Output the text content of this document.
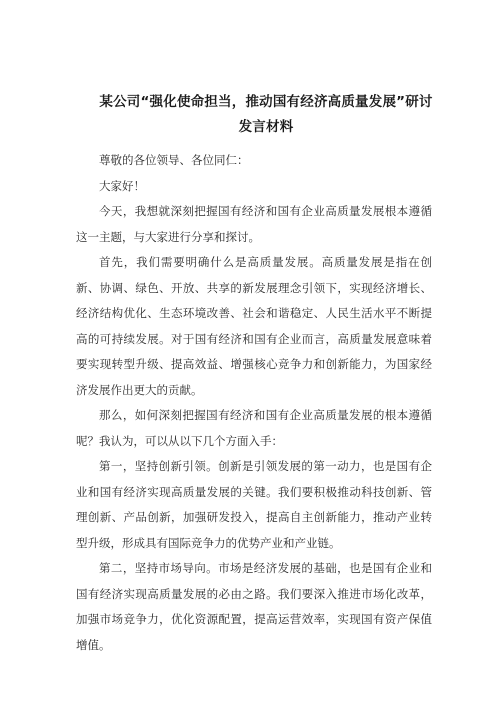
某公司“强化使命担当，推动国有经济高质量发展”研讨发言材料

尊敬的各位领导、各位同仁：

大家好！

今天，我想就深刻把握国有经济和国有企业高质量发展根本遵循这一主题，与大家进行分享和探讨。

首先，我们需要明确什么是高质量发展。高质量发展是指在创新、协调、绿色、开放、共享的新发展理念引领下，实现经济增长、经济结构优化、生态环境改善、社会和谐稳定、人民生活水平不断提高的可持续发展。对于国有经济和国有企业而言，高质量发展意味着要实现转型升级、提高效益、增强核心竞争力和创新能力，为国家经济发展作出更大的贡献。

那么，如何深刻把握国有经济和国有企业高质量发展的根本遵循呢？我认为，可以从以下几个方面入手：

第一，坚持创新引领。创新是引领发展的第一动力，也是国有企业和国有经济实现高质量发展的关键。我们要积极推动科技创新、管理创新、产品创新，加强研发投入，提高自主创新能力，推动产业转型升级，形成具有国际竞争力的优势产业和产业链。

第二，坚持市场导向。市场是经济发展的基础，也是国有企业和国有经济实现高质量发展的必由之路。我们要深入推进市场化改革，加强市场竞争力，优化资源配置，提高运营效率，实现国有资产保值增值。
